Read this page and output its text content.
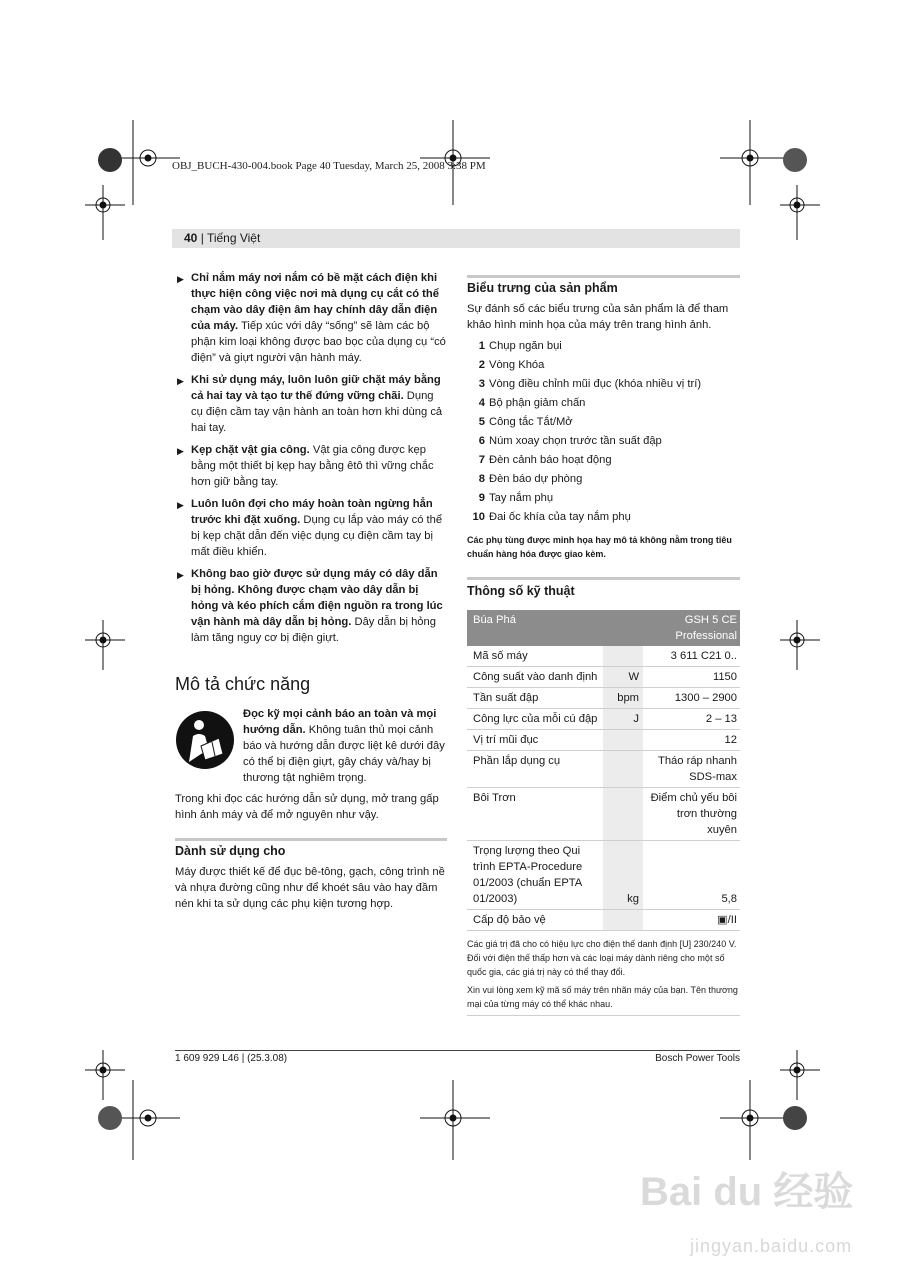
OBJ_BUCH-430-004.book Page 40 Tuesday, March 25, 2008 3:38 PM
40 | Tiếng Việt
▶ Chỉ nắm máy nơi nắm có bề mặt cách điện khi thực hiện công việc nơi mà dụng cụ cắt có thể chạm vào dây điện âm hay chính dây dẫn điện của máy. Tiếp xúc với dây “sống” sẽ làm các bộ phận kim loại không được bao bọc của dụng cụ “có điện” và giựt người vận hành máy.
▶ Khi sử dụng máy, luôn luôn giữ chặt máy bằng cả hai tay và tạo tư thế đứng vững chãi. Dụng cụ điện cầm tay vận hành an toàn hơn khi dùng cả hai tay.
▶ Kẹp chặt vật gia công. Vật gia công được kẹp bằng một thiết bị kẹp hay bằng êtô thì vững chắc hơn giữ bằng tay.
▶ Luôn luôn đợi cho máy hoàn toàn ngừng hẳn trước khi đặt xuống. Dụng cụ lắp vào máy có thể bị kẹp chặt dẫn đến việc dụng cụ điện cầm tay bị mất điều khiển.
▶ Không bao giờ được sử dụng máy có dây dẫn bị hỏng. Không được chạm vào dây dẫn bị hỏng và kéo phích cắm điện nguồn ra trong lúc vận hành mà dây dẫn bị hỏng. Dây dẫn bị hỏng làm tăng nguy cơ bị điện giựt.
Mô tả chức năng
Đọc kỹ mọi cảnh báo an toàn và mọi hướng dẫn. Không tuân thủ mọi cảnh báo và hướng dẫn được liệt kê dưới đây có thể bị điện giựt, gây cháy và/hay bị thương tật nghiêm trọng.
Trong khi đọc các hướng dẫn sử dụng, mở trang gấp hình ảnh máy và để mở nguyên như vậy.
Dành sử dụng cho
Máy được thiết kế để đục bê-tông, gạch, công trình nề và nhựa đường cũng như để khoét sâu vào hay đầm nén khi ta sử dụng các phụ kiện tương hợp.
Biểu trưng của sản phẩm
Sự đánh số các biểu trưng của sản phẩm là để tham khảo hình minh họa của máy trên trang hình ảnh.
1 Chụp ngăn bụi
2 Vòng Khóa
3 Vòng điều chỉnh mũi đục (khóa nhiều vị trí)
4 Bộ phận giảm chấn
5 Công tắc Tắt/Mở
6 Núm xoay chọn trước tần suất đập
7 Đèn cảnh báo hoạt động
8 Đèn báo dự phòng
9 Tay nắm phụ
10 Đai ốc khía của tay nắm phụ
Các phụ tùng được minh họa hay mô tả không nằm trong tiêu chuẩn hàng hóa được giao kèm.
Thông số kỹ thuật
Búa Phá		GSH 5 CE
Professional
Mã số máy		3 611 C21 0..
Công suất vào danh định	W	1150
Tần suất đập	bpm	1300 – 2900
Công lực của mỗi cú đập	J	2 – 13
Vị trí mũi đục		12
Phần lắp dụng cụ		Tháo ráp nhanh SDS-max
Bôi Trơn		Điểm chủ yếu bôi trơn thường xuyên
Trọng lượng theo Qui trình EPTA-Procedure 01/2003 (chuẩn EPTA 01/2003)	kg	5,8
Cấp độ bảo vệ		▣/II
Các giá trị đã cho có hiệu lực cho điện thế danh định [U] 230/240 V. Đối với điện thế thấp hơn và các loại máy dành riêng cho một số quốc gia, các giá trị này có thể thay đổi.
Xin vui lòng xem kỹ mã số máy trên nhãn máy của bạn. Tên thương mại của từng máy có thể khác nhau.
1 609 929 L46 | (25.3.08)	Bosch Power Tools
Bai du 经验
jingyan.baidu.com
